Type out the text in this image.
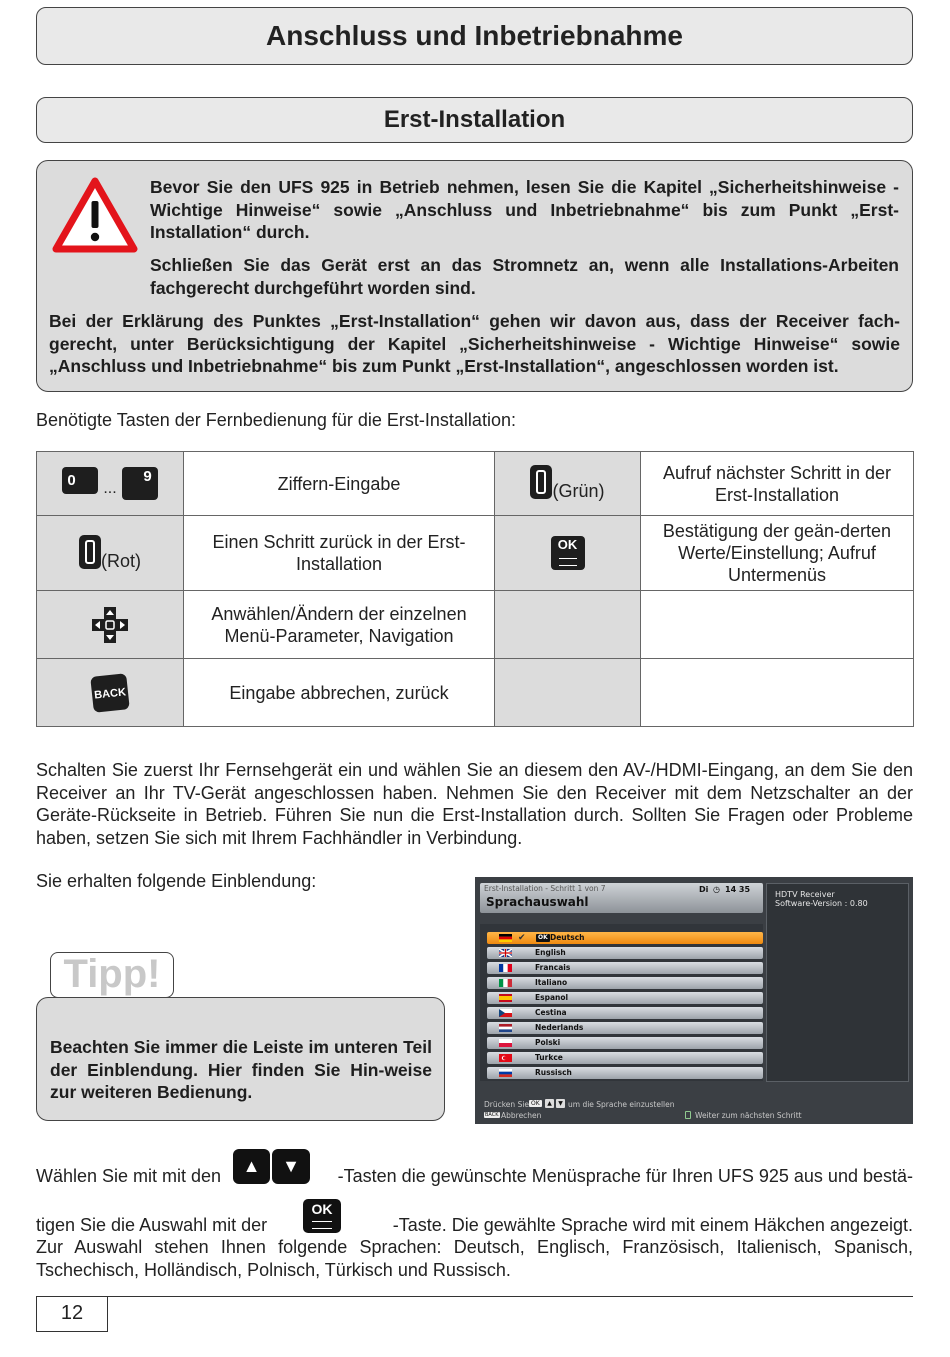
Anschluss und Inbetriebnahme
Erst-Installation
Bevor Sie den UFS 925 in Betrieb nehmen, lesen Sie die Kapitel „Sicherheitshinweise - Wichtige Hinweise“ sowie „Anschluss und Inbetriebnahme“ bis zum Punkt „Erst-Installation“ durch.
Schließen Sie das Gerät erst an das Stromnetz an, wenn alle Installations-Arbeiten fachgerecht durchgeführt worden sind.
Bei der Erklärung des Punktes „Erst-Installation“ gehen wir davon aus, dass der Receiver fach-gerecht, unter Berücksichtigung der Kapitel „Sicherheitshinweise - Wichtige Hinweise“ sowie „Anschluss und Inbetriebnahme“ bis zum Punkt „Erst-Installation“, angeschlossen worden ist.
Benötigte Tasten der Fernbedienung für die Erst-Installation:
0 ... 9	Ziffern-Eingabe	(Grün)	Aufruf nächster Schritt in der Erst-Installation

(Rot)	Einen Schritt zurück in der Erst-Installation	OK	Bestätigung der geän-derten Werte/Einstellung; Aufruf Untermenüs
	Anwählen/Ändern der einzelnen Menü-Parameter, Navigation		
BACK	Eingabe abbrechen, zurück		
Schalten Sie zuerst Ihr Fernsehgerät ein und wählen Sie an diesem den AV-/HDMI-Eingang, an dem Sie den Receiver an Ihr TV-Gerät angeschlossen haben. Nehmen Sie den Receiver mit dem Netzschalter an der Geräte-Rückseite in Betrieb. Führen Sie nun die Erst-Installation durch. Sollten Sie Fragen oder Probleme haben, setzen Sie sich mit Ihrem Fachhändler in Verbindung.
Sie erhalten folgende Einblendung:
Beachten Sie immer die Leiste im unteren Teil der Einblendung. Hier finden Sie Hin-weise zur weiteren Bedienung.
Tipp!
Erst-Installation - Schritt 1 von 7
Sprachauswahl
Di ◷ 14 35
HDTV Receiver
Software-Version : 0.80
✔	OK Deutsch
English
Francais
Italiano
Espanol
Cestina
Nederlands
Polski
Turkce
Russisch
Drücken Sie OK	▲	▼ um die Sprache einzustellen
BACK Abbrechen	Weiter zum nächsten Schritt
Wählen Sie mit mit den	▲	▼	-Tasten die gewünschte Menüsprache für Ihren UFS 925 aus und bestä-
tigen Sie die Auswahl mit der
OK
-Taste. Die gewählte Sprache wird mit einem Häkchen angezeigt.
Zur Auswahl stehen Ihnen folgende Sprachen: Deutsch, Englisch, Französisch, Italienisch, Spanisch, Tschechisch, Holländisch, Polnisch, Türkisch und Russisch.
12
